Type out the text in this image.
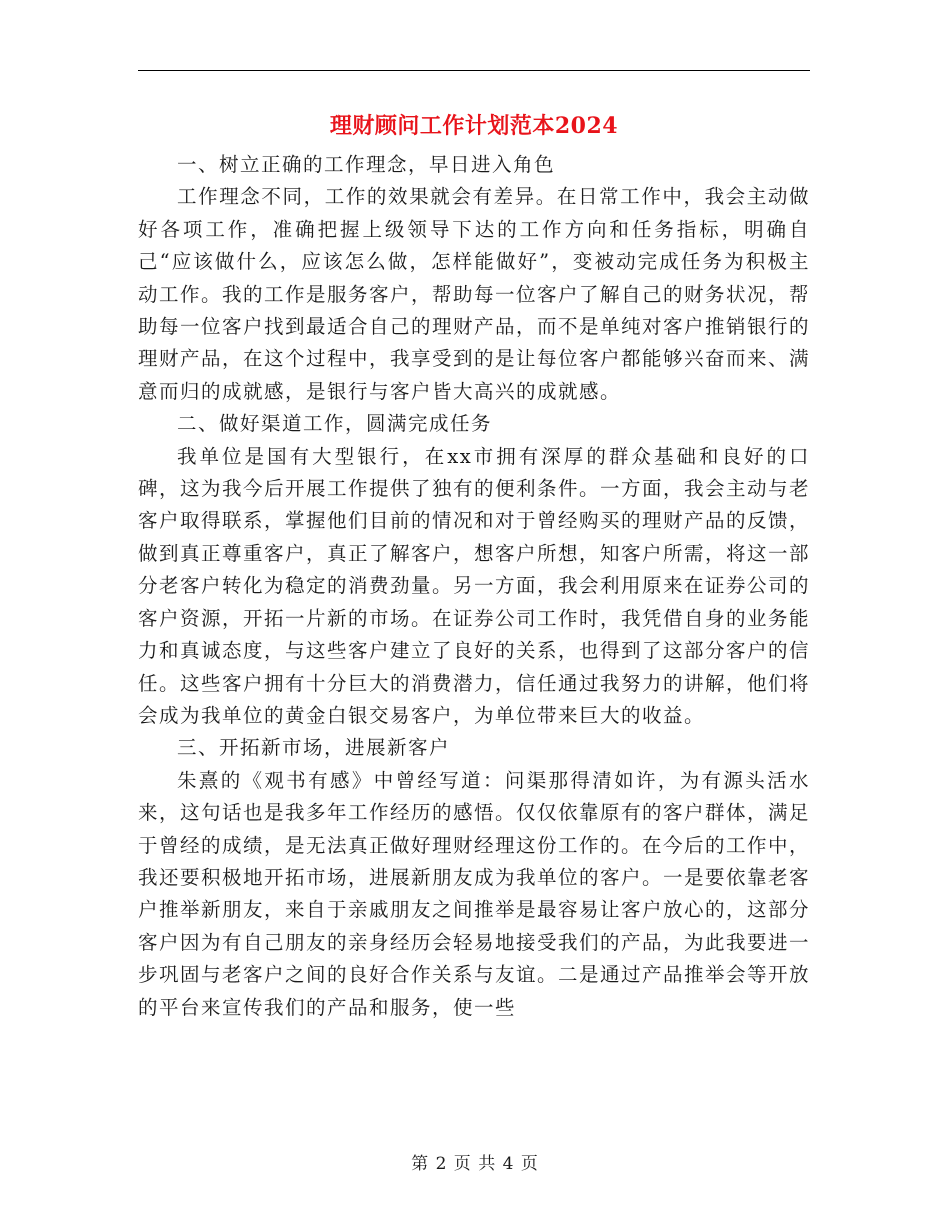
理财顾问工作计划范本2024

一、树立正确的工作理念，早日进入角色

工作理念不同，工作的效果就会有差异。在日常工作中，我会主动做好各项工作，准确把握上级领导下达的工作方向和任务指标，明确自己“应该做什么，应该怎么做，怎样能做好”，变被动完成任务为积极主动工作。我的工作是服务客户，帮助每一位客户了解自己的财务状况，帮助每一位客户找到最适合自己的理财产品，而不是单纯对客户推销银行的理财产品，在这个过程中，我享受到的是让每位客户都能够兴奋而来、满意而归的成就感，是银行与客户皆大高兴的成就感。

二、做好渠道工作，圆满完成任务

我单位是国有大型银行，在xx市拥有深厚的群众基础和良好的口碑，这为我今后开展工作提供了独有的便利条件。一方面，我会主动与老客户取得联系，掌握他们目前的情况和对于曾经购买的理财产品的反馈，做到真正尊重客户，真正了解客户，想客户所想，知客户所需，将这一部分老客户转化为稳定的消费劲量。另一方面，我会利用原来在证券公司的客户资源，开拓一片新的市场。在证券公司工作时，我凭借自身的业务能力和真诚态度，与这些客户建立了良好的关系，也得到了这部分客户的信任。这些客户拥有十分巨大的消费潜力，信任通过我努力的讲解，他们将会成为我单位的黄金白银交易客户，为单位带来巨大的收益。

三、开拓新市场，进展新客户

朱熹的《观书有感》中曾经写道：问渠那得清如许，为有源头活水来，这句话也是我多年工作经历的感悟。仅仅依靠原有的客户群体，满足于曾经的成绩，是无法真正做好理财经理这份工作的。在今后的工作中，我还要积极地开拓市场，进展新朋友成为我单位的客户。一是要依靠老客户推举新朋友，来自于亲戚朋友之间推举是最容易让客户放心的，这部分客户因为有自己朋友的亲身经历会轻易地接受我们的产品，为此我要进一步巩固与老客户之间的良好合作关系与友谊。二是通过产品推举会等开放的平台来宣传我们的产品和服务，使一些

第 2 页 共 4 页
